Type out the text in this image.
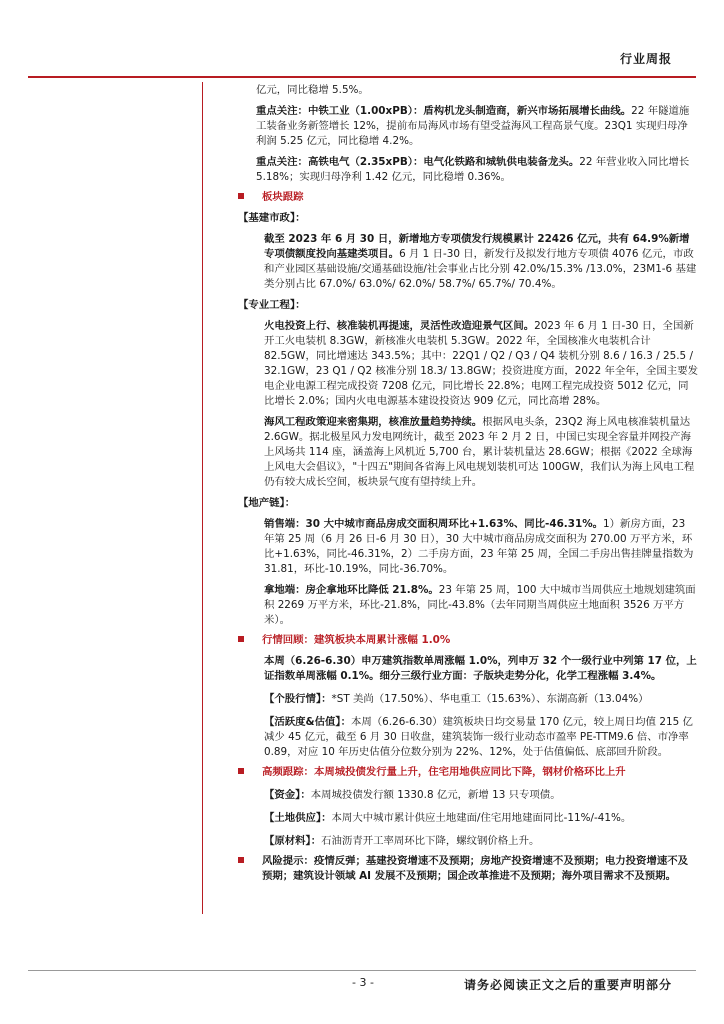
行业周报

亿元，同比稳增 5.5%。

重点关注：中铁工业（1.00xPB）：盾构机龙头制造商，新兴市场拓展增长曲线。22 年隧道施工装备业务新签增长 12%，提前布局海风市场有望受益海风工程高景气度。23Q1 实现归母净利润 5.25 亿元，同比稳增 4.2%。

重点关注：高铁电气（2.35xPB）：电气化铁路和城轨供电装备龙头。22 年营业收入同比增长 5.18%；实现归母净利 1.42 亿元，同比稳增 0.36%。

板块跟踪

【基建市政】：

截至 2023 年 6 月 30 日，新增地方专项债发行规模累计 22426 亿元，共有 64.9%新增专项债额度投向基建类项目。6 月 1 日-30 日，新发行及拟发行地方专项债 4076 亿元，市政和产业园区基础设施/交通基础设施/社会事业占比分别 42.0%/15.3% /13.0%，23M1-6 基建类分别占比 67.0%/ 63.0%/ 62.0%/ 58.7%/ 65.7%/ 70.4%。

【专业工程】：

火电投资上行、核准装机再提速，灵活性改造迎景气区间。2023 年 6 月 1 日-30 日，全国新开工火电装机 8.3GW，新核准火电装机 5.3GW。2022 年，全国核准火电装机合计 82.5GW，同比增速达 343.5%；其中：22Q1 / Q2 / Q3 / Q4 装机分别 8.6 / 16.3 / 25.5 / 32.1GW，23 Q1 / Q2 核准分别 18.3/ 13.8GW；投资进度方面，2022 年全年，全国主要发电企业电源工程完成投资 7208 亿元，同比增长 22.8%；电网工程完成投资 5012 亿元，同比增长 2.0%；国内火电电源基本建设投资达 909 亿元，同比高增 28%。

海风工程政策迎来密集期，核准放量趋势持续。根据风电头条，23Q2 海上风电核准装机量达 2.6GW。据北极星风力发电网统计，截至 2023 年 2 月 2 日，中国已实现全容量并网投产海上风场共 114 座，涵盖海上风机近 5,700 台，累计装机量达 28.6GW；根据《2022 全球海上风电大会倡议》，"十四五"期间各省海上风电规划装机可达 100GW，我们认为海上风电工程仍有较大成长空间，板块景气度有望持续上升。

【地产链】：

销售端：30 大中城市商品房成交面积周环比+1.63%、同比-46.31%。1）新房方面，23 年第 25 周（6 月 26 日-6 月 30 日），30 大中城市商品房成交面积为 270.00 万平方米，环比+1.63%，同比-46.31%，2）二手房方面，23 年第 25 周，全国二手房出售挂牌量指数为 31.81，环比-10.19%，同比-36.70%。

拿地端：房企拿地环比降低 21.8%。23 年第 25 周，100 大中城市当周供应土地规划建筑面积 2269 万平方米，环比-21.8%，同比-43.8%（去年同期当周供应土地面积 3526 万平方米）。

行情回顾：建筑板块本周累计涨幅 1.0%

本周（6.26-6.30）申万建筑指数单周涨幅 1.0%，列申万 32 个一级行业中列第 17 位，上证指数单周涨幅 0.1%。细分三级行业方面：子版块走势分化，化学工程涨幅 3.4%。

【个股行情】：*ST 美尚（17.50%）、华电重工（15.63%）、东湖高新（13.04%）

【活跃度&估值】：本周（6.26-6.30）建筑板块日均交易量 170 亿元，较上周日均值 215 亿减少 45 亿元，截至 6 月 30 日收盘，建筑装饰一级行业动态市盈率 PE-TTM9.6 倍、市净率 0.89，对应 10 年历史估值分位数分别为 22%、12%，处于估值偏低、底部回升阶段。

高频跟踪：本周城投债发行量上升，住宅用地供应同比下降，钢材价格环比上升

【资金】：本周城投债发行额 1330.8 亿元，新增 13 只专项债。

【土地供应】：本周大中城市累计供应土地建面/住宅用地建面同比-11%/-41%。

【原材料】：石油沥青开工率周环比下降，螺纹钢价格上升。

风险提示：疫情反弹；基建投资增速不及预期；房地产投资增速不及预期；电力投资增速不及预期；建筑设计领域 AI 发展不及预期；国企改革推进不及预期；海外项目需求不及预期。

- 3 -	请务必阅读正文之后的重要声明部分
